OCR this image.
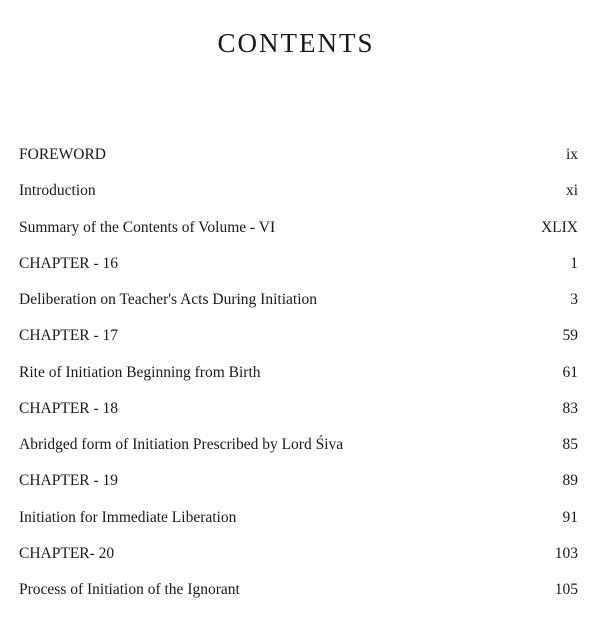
CONTENTS
FOREWORD	ix
Introduction	xi
Summary of the Contents of Volume - VI	XLIX
CHAPTER - 16	1
Deliberation on Teacher's Acts During Initiation	3
CHAPTER - 17	59
Rite of Initiation Beginning from Birth	61
CHAPTER - 18	83
Abridged form of Initiation Prescribed by Lord Śiva	85
CHAPTER - 19	89
Initiation for Immediate Liberation	91
CHAPTER- 20	103
Process of Initiation of the Ignorant	105
